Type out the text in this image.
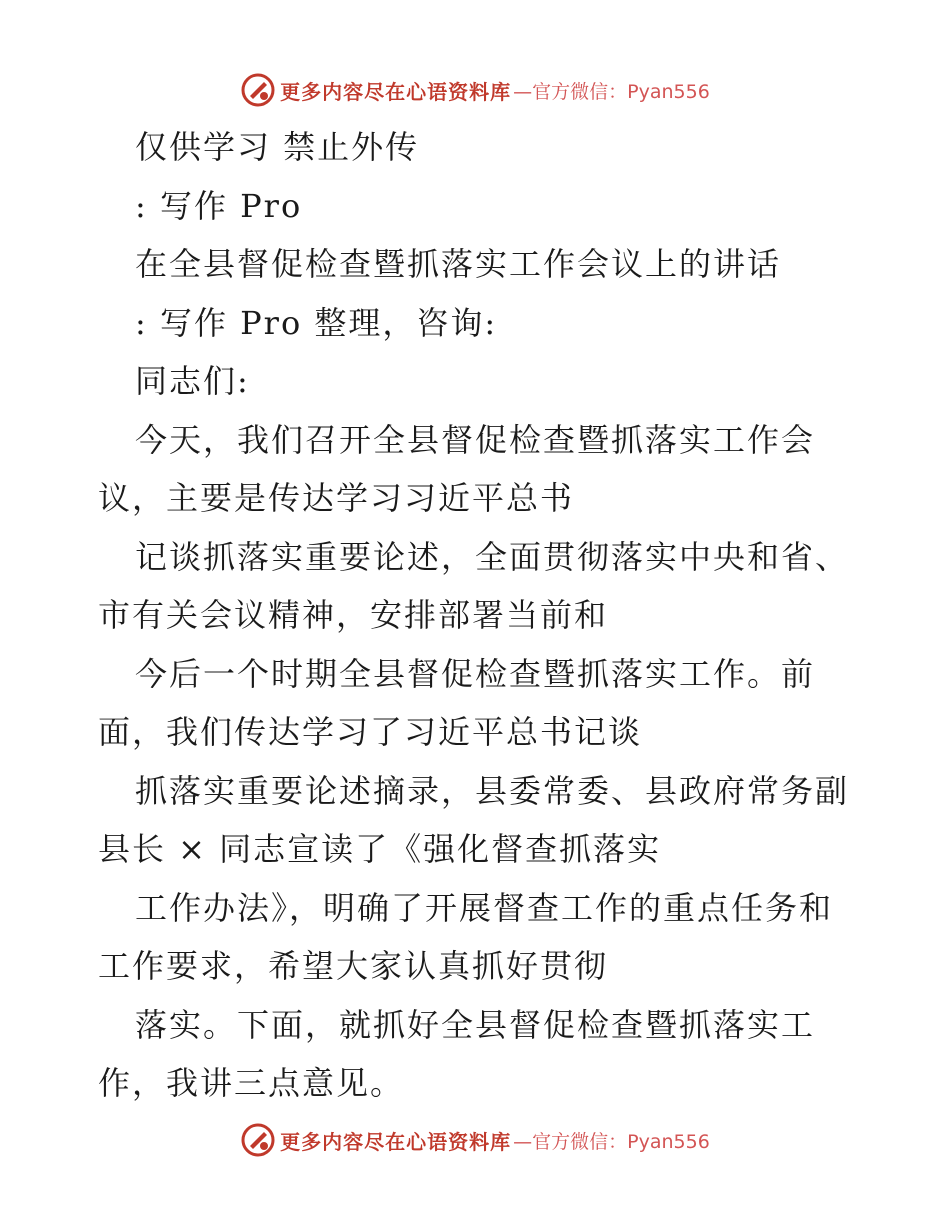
更多内容尽在心语资料库 —官方微信：Pyan556
仅供学习 禁止外传
: 写作 Pro
在全县督促检查暨抓落实工作会议上的讲话
: 写作 Pro 整理，咨询:
同志们:
今天，我们召开全县督促检查暨抓落实工作会
议，主要是传达学习习近平总书
记谈抓落实重要论述，全面贯彻落实中央和省、
市有关会议精神，安排部署当前和
今后一个时期全县督促检查暨抓落实工作。前
面，我们传达学习了习近平总书记谈
抓落实重要论述摘录，县委常委、县政府常务副
县长 × 同志宣读了《强化督查抓落实
工作办法》，明确了开展督查工作的重点任务和
工作要求，希望大家认真抓好贯彻
落实。下面，就抓好全县督促检查暨抓落实工
作，我讲三点意见。
更多内容尽在心语资料库 —官方微信：Pyan556
